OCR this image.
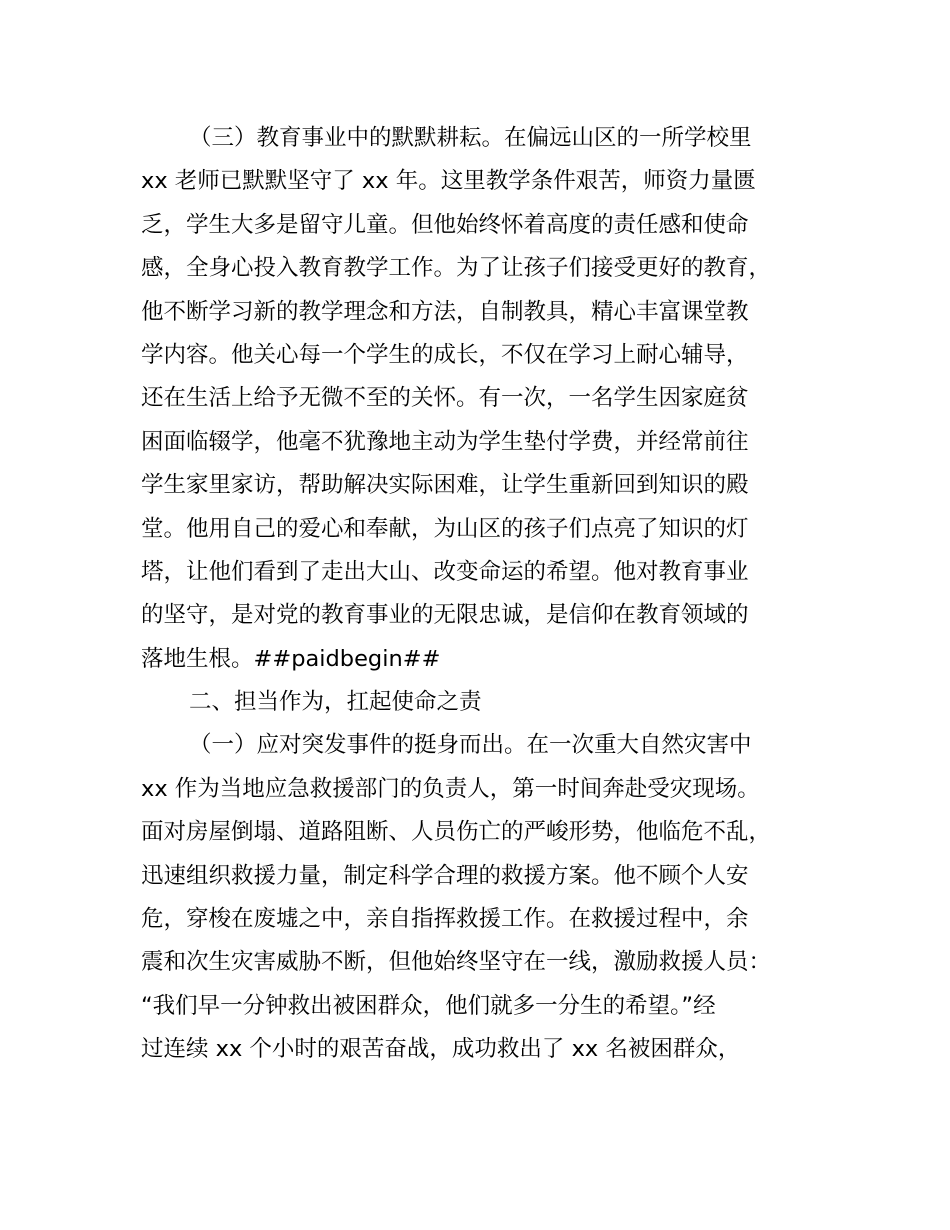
（三）教育事业中的默默耕耘。在偏远山区的一所学校里
xx 老师已默默坚守了 xx 年。这里教学条件艰苦，师资力量匮
乏，学生大多是留守儿童。但他始终怀着高度的责任感和使命
感，全身心投入教育教学工作。为了让孩子们接受更好的教育，
他不断学习新的教学理念和方法，自制教具，精心丰富课堂教
学内容。他关心每一个学生的成长，不仅在学习上耐心辅导，
还在生活上给予无微不至的关怀。有一次，一名学生因家庭贫
困面临辍学，他毫不犹豫地主动为学生垫付学费，并经常前往
学生家里家访，帮助解决实际困难，让学生重新回到知识的殿
堂。他用自己的爱心和奉献，为山区的孩子们点亮了知识的灯
塔，让他们看到了走出大山、改变命运的希望。他对教育事业
的坚守，是对党的教育事业的无限忠诚，是信仰在教育领域的
落地生根。##paidbegin##
二、担当作为，扛起使命之责
（一）应对突发事件的挺身而出。在一次重大自然灾害中
xx 作为当地应急救援部门的负责人，第一时间奔赴受灾现场。
面对房屋倒塌、道路阻断、人员伤亡的严峻形势，他临危不乱，
迅速组织救援力量，制定科学合理的救援方案。他不顾个人安
危，穿梭在废墟之中，亲自指挥救援工作。在救援过程中，余
震和次生灾害威胁不断，但他始终坚守在一线，激励救援人员：
“我们早一分钟救出被困群众，他们就多一分生的希望。”经
过连续 xx 个小时的艰苦奋战，成功救出了 xx 名被困群众，
